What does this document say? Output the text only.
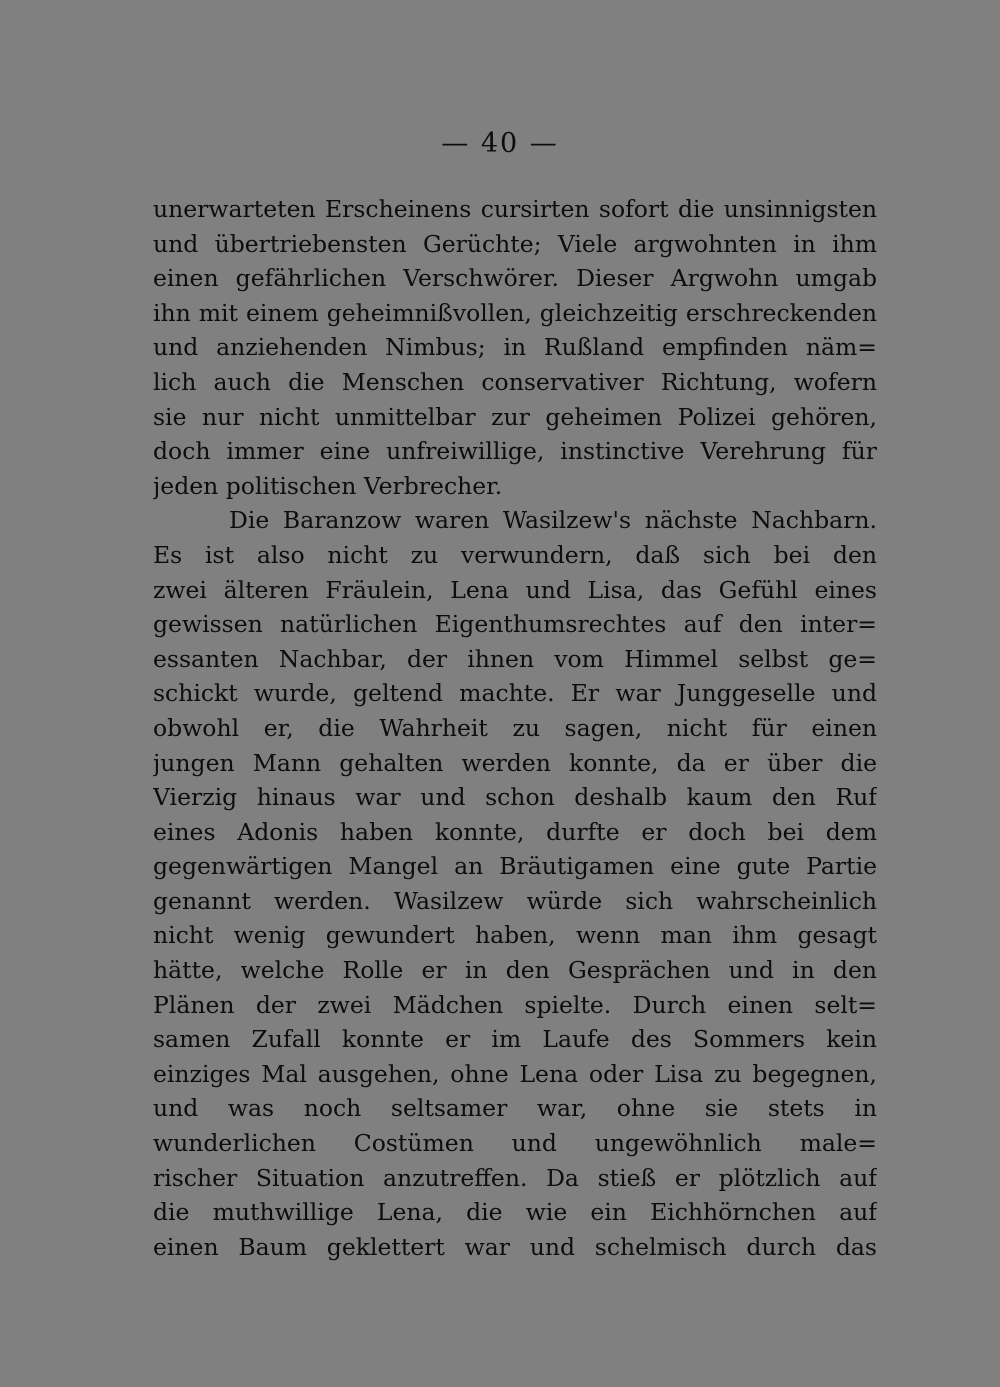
— 40 —
unerwarteten Erscheinens cursirten sofort die unsinnigsten
und übertriebensten Gerüchte; Viele argwohnten in ihm
einen gefährlichen Verschwörer. Dieser Argwohn umgab
ihn mit einem geheimnißvollen, gleichzeitig erschreckenden
und anziehenden Nimbus; in Rußland empfinden näm=
lich auch die Menschen conservativer Richtung, wofern
sie nur nicht unmittelbar zur geheimen Polizei gehören,
doch immer eine unfreiwillige, instinctive Verehrung für
jeden politischen Verbrecher.
Die Baranzow waren Wasilzew's nächste Nachbarn.
Es ist also nicht zu verwundern, daß sich bei den
zwei älteren Fräulein, Lena und Lisa, das Gefühl eines
gewissen natürlichen Eigenthumsrechtes auf den inter=
essanten Nachbar, der ihnen vom Himmel selbst ge=
schickt wurde, geltend machte. Er war Junggeselle und
obwohl er, die Wahrheit zu sagen, nicht für einen
jungen Mann gehalten werden konnte, da er über die
Vierzig hinaus war und schon deshalb kaum den Ruf
eines Adonis haben konnte, durfte er doch bei dem
gegenwärtigen Mangel an Bräutigamen eine gute Partie
genannt werden. Wasilzew würde sich wahrscheinlich
nicht wenig gewundert haben, wenn man ihm gesagt
hätte, welche Rolle er in den Gesprächen und in den
Plänen der zwei Mädchen spielte. Durch einen selt=
samen Zufall konnte er im Laufe des Sommers kein
einziges Mal ausgehen, ohne Lena oder Lisa zu begegnen,
und was noch seltsamer war, ohne sie stets in
wunderlichen Costümen und ungewöhnlich male=
rischer Situation anzutreffen. Da stieß er plötzlich auf
die muthwillige Lena, die wie ein Eichhörnchen auf
einen Baum geklettert war und schelmisch durch das
